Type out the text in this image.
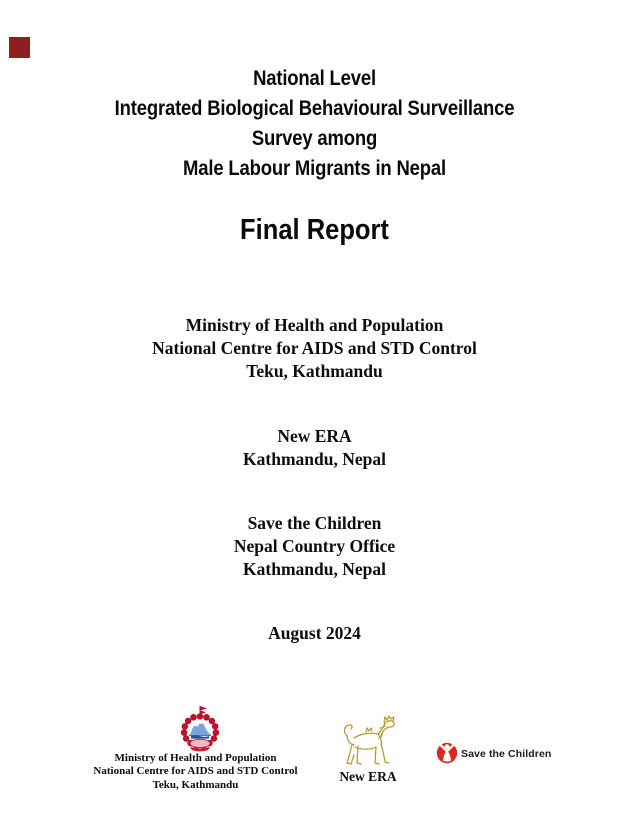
National Level
Integrated Biological Behavioural Surveillance
Survey among
Male Labour Migrants in Nepal
Final Report
Ministry of Health and Population
National Centre for AIDS and STD Control
Teku, Kathmandu
New ERA
Kathmandu, Nepal
Save the Children
Nepal Country Office
Kathmandu, Nepal
August 2024
Ministry of Health and Population
National Centre for AIDS and STD Control
Teku, Kathmandu
New ERA
Save the Children
